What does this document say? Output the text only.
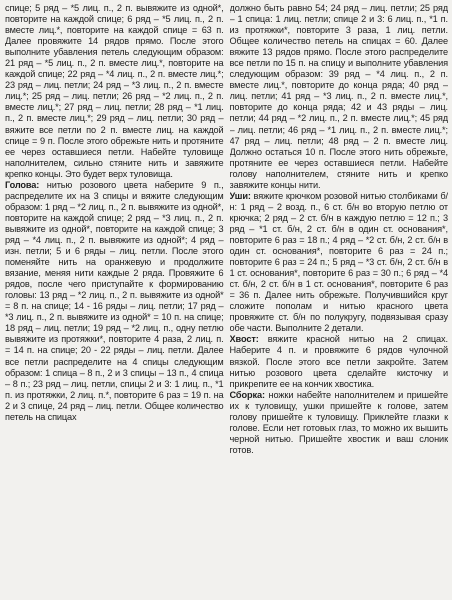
спице; 5 ряд – *5 лиц. п., 2 п. вывяжите из одной*, повторите на каждой спице; 6 ряд – *5 лиц. п., 2 п. вместе лиц.*, повторите на каждой спице = 63 п. Далее провяжите 14 рядов прямо. После этого выполните убавления петель следующим образом: 21 ряд – *5 лиц. п., 2 п. вместе лиц.*, повторите на каждой спице; 22 ряд – *4 лиц. п., 2 п. вместе лиц.*; 23 ряд – лиц. петли; 24 ряд – *3 лиц. п., 2 п. вместе лиц.*; 25 ряд – лиц. петли; 26 ряд – *2 лиц. п., 2 п. вместе лиц.*; 27 ряд – лиц. петли; 28 ряд – *1 лиц. п., 2 п. вместе лиц.*; 29 ряд – лиц. петли; 30 ряд – вяжите все петли по 2 п. вместе лиц. на каждой спице = 9 п. После этого обрежьте нить и протяните ее через оставшиеся петли. Набейте туловище наполнителем, сильно стяните нить и завяжите крепко концы. Это будет верх туловища.

Голова: нитью розового цвета наберите 9 п., распределите их на 3 спицы и вяжите следующим образом: 1 ряд – *2 лиц. п., 2 п. вывяжите из одной*, повторите на каждой спице; 2 ряд – *3 лиц. п., 2 п. вывяжите из одной*, повторите на каждой спице; 3 ряд – *4 лиц. п., 2 п. вывяжите из одной*; 4 ряд – изн. петли; 5 и 6 ряды – лиц. петли. После этого поменяйте нить на оранжевую и продолжите вязание, меняя нити каждые 2 ряда. Провяжите 6 рядов, после чего приступайте к формированию головы: 13 ряд – *2 лиц. п., 2 п. вывяжите из одной* = 8 п. на спице; 14 - 16 ряды – лиц. петли; 17 ряд – *3 лиц. п., 2 п. вывяжите из одной* = 10 п. на спице; 18 ряд – лиц. петли; 19 ряд – *2 лиц. п., одну петлю вывяжите из протяжки*, повторите 4 раза, 2 лиц. п. = 14 п. на спице; 20 - 22 ряды – лиц. петли. Далее все петли распределите на 4 спицы следующим образом: 1 спица – 8 п., 2 и 3 спицы – 13 п., 4 спица – 8 п.; 23 ряд – лиц. петли, спицы 2 и 3: 1 лиц. п., *1 п. из протяжки, 2 лиц. п.*, повторите 6 раз = 19 п. на 2 и 3 спице, 24 ряд – лиц. петли. Общее количество петель на спицах

должно быть равно 54; 24 ряд – лиц. петли; 25 ряд – 1 спица: 1 лиц. петли; спице 2 и 3: 6 лиц. п., *1 п. из протяжки*, повторите 3 раза, 1 лиц. петли. Общее количество петель на спицах = 60. Далее вяжите 13 рядов прямо. После этого распределите все петли по 15 п. на спицу и выполните убавления следующим образом: 39 ряд – *4 лиц. п., 2 п. вместе лиц.*, повторите до конца ряда; 40 ряд – лиц. петли; 41 ряд – *3 лиц. п., 2 п. вместе лиц.*, повторите до конца ряда; 42 и 43 ряды – лиц. петли; 44 ряд – *2 лиц. п., 2 п. вместе лиц.*; 45 ряд – лиц. петли; 46 ряд – *1 лиц. п., 2 п. вместе лиц.*; 47 ряд – лиц. петли; 48 ряд – 2 п. вместе лиц. Должно остаться 10 п. После этого нить обрежьте, протяните ее через оставшиеся петли. Набейте голову наполнителем, стяните нить и крепко завяжите концы нити.

Уши: вяжите крючком розовой нитью столбиками б/н: 1 ряд – 2 возд. п., 6 ст. б/н во вторую петлю от крючка; 2 ряд – 2 ст. б/н в каждую петлю = 12 п.; 3 ряд – *1 ст. б/н, 2 ст. б/н в один ст. основания*, повторите 6 раз = 18 п.; 4 ряд – *2 ст. б/н, 2 ст. б/н в один ст. основания*, повторите 6 раз = 24 п.; повторите 6 раз = 24 п.; 5 ряд – *3 ст. б/н, 2 ст. б/н в 1 ст. основания*, повторите 6 раз = 30 п.; 6 ряд – *4 ст. б/н, 2 ст. б/н в 1 ст. основания*, повторите 6 раз = 36 п. Далее нить обрежьте. Получившийся круг сложите пополам и нитью красного цвета провяжите ст. б/н по полукругу, подвязывая сразу обе части. Выполните 2 детали.

Хвост: вяжите красной нитью на 2 спицах. Наберите 4 п. и провяжите 6 рядов чулочной вязкой. После этого все петли закройте. Затем нитью розового цвета сделайте кисточку и прикрепите ее на кончик хвостика.

Сборка: ножки набейте наполнителем и пришейте их к туловищу, ушки пришейте к голове, затем голову пришейте к туловищу. Приклейте глазки к голове. Если нет готовых глаз, то можно их вышить черной нитью. Пришейте хвостик и ваш слоник готов.
